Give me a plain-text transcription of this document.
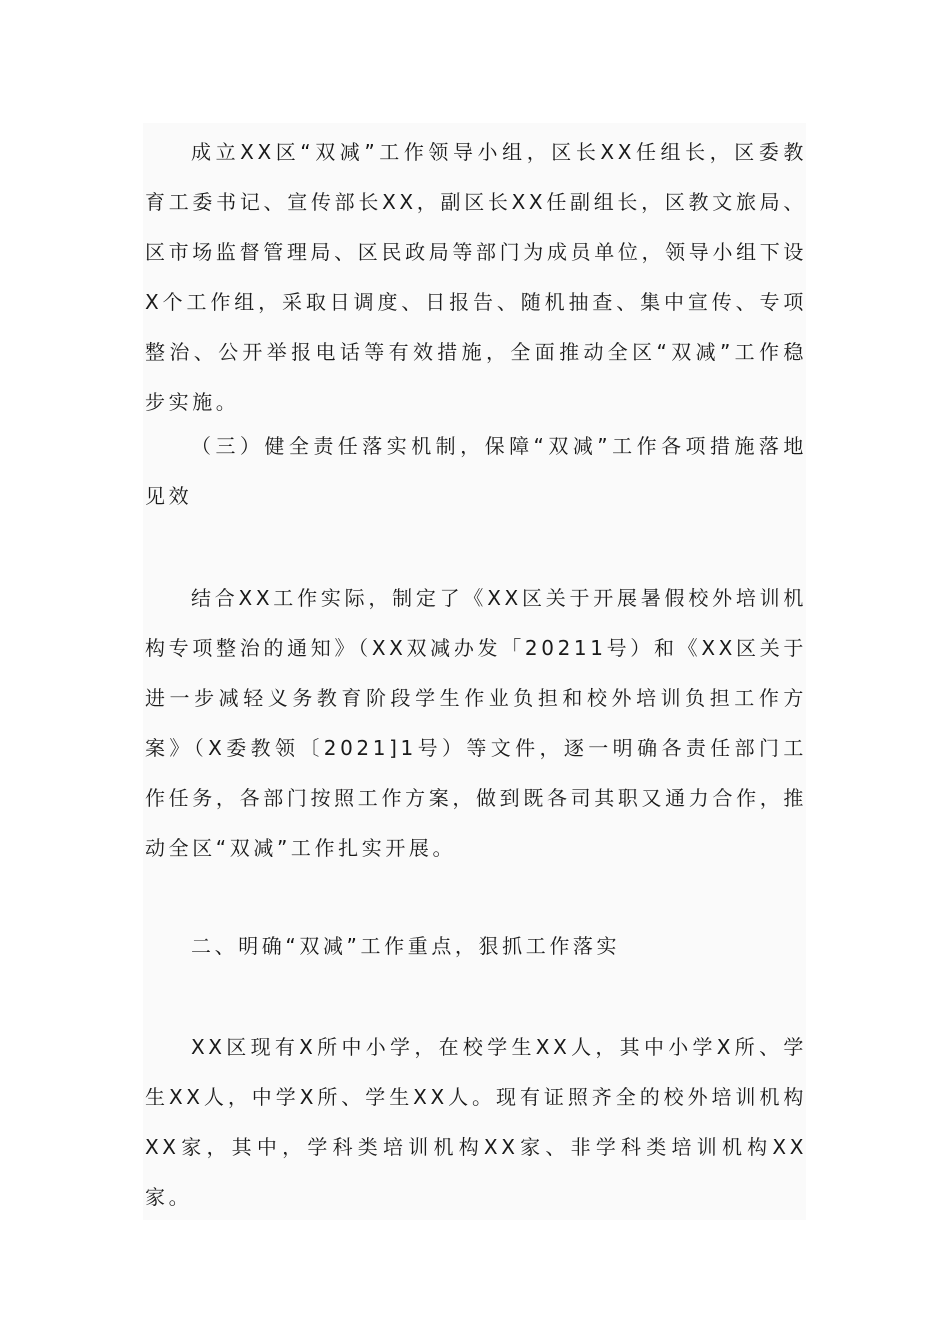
成立XX区“双减”工作领导小组，区长XX任组长，区委教育工委书记、宣传部长XX，副区长XX任副组长，区教文旅局、区市场监督管理局、区民政局等部门为成员单位，领导小组下设X个工作组，采取日调度、日报告、随机抽查、集中宣传、专项整治、公开举报电话等有效措施，全面推动全区“双减”工作稳步实施。

（三）健全责任落实机制，保障“双减”工作各项措施落地见效

结合XX工作实际，制定了《XX区关于开展暑假校外培训机构专项整治的通知》（XX双减办发「20211号）和《XX区关于进一步减轻义务教育阶段学生作业负担和校外培训负担工作方案》（X委教领〔2021]1号）等文件，逐一明确各责任部门工作任务，各部门按照工作方案，做到既各司其职又通力合作，推动全区“双减”工作扎实开展。

二、明确“双减”工作重点，狠抓工作落实

XX区现有X所中小学，在校学生XX人，其中小学X所、学生XX人，中学X所、学生XX人。现有证照齐全的校外培训机构XX家，其中，学科类培训机构XX家、非学科类培训机构XX家。
